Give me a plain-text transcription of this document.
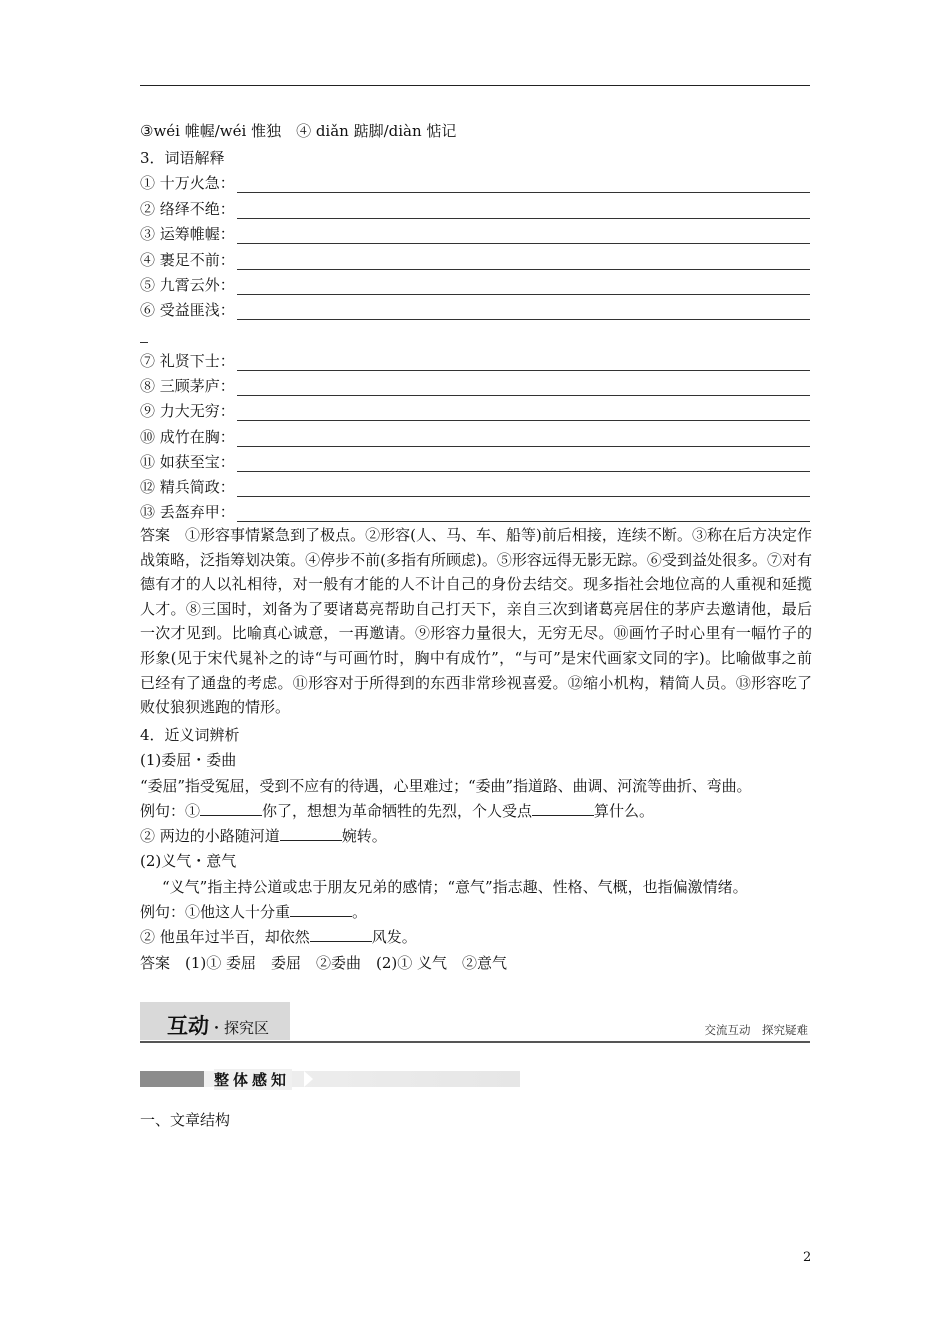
③wéi 帷幄/wéi 惟独　④ diǎn 踮脚/diàn 惦记
3．词语解释
① 十万火急：
② 络绎不绝：
③ 运筹帷幄：
④ 裹足不前：
⑤ 九霄云外：
⑥ 受益匪浅：
⑦ 礼贤下士：
⑧ 三顾茅庐：
⑨ 力大无穷：
⑩ 成竹在胸：
⑪ 如获至宝：
⑫ 精兵简政：
⑬ 丢盔弃甲：
答案　①形容事情紧急到了极点。②形容(人、马、车、船等)前后相接，连续不断。③称在后方决定作战策略，泛指筹划决策。④停步不前(多指有所顾虑)。⑤形容远得无影无踪。⑥受到益处很多。⑦对有德有才的人以礼相待，对一般有才能的人不计自己的身份去结交。现多指社会地位高的人重视和延揽人才。⑧三国时，刘备为了要诸葛亮帮助自己打天下，亲自三次到诸葛亮居住的茅庐去邀请他，最后一次才见到。比喻真心诚意，一再邀请。⑨形容力量很大，无穷无尽。⑩画竹子时心里有一幅竹子的形象(见于宋代晁补之的诗“与可画竹时，胸中有成竹”，“与可”是宋代画家文同的字)。比喻做事之前已经有了通盘的考虑。⑪形容对于所得到的东西非常珍视喜爱。⑫缩小机构，精简人员。⑬形容吃了败仗狼狈逃跑的情形。
4．近义词辨析
(1)委屈・委曲
“委屈”指受冤屈，受到不应有的待遇，心里难过；“委曲”指道路、曲调、河流等曲折、弯曲。
例句：①	你了，想想为革命牺牲的先烈，个人受点	算什么。
② 两边的小路随河道	婉转。
(2)义气・意气
“义气”指主持公道或忠于朋友兄弟的感情；“意气”指志趣、性格、气概，也指偏激情绪。
例句：①他这人十分重	。
② 他虽年过半百，却依然	风发。
答案　(1)① 委屈　委屈　②委曲　(2)① 义气　②意气
互动・探究区	交流互动　探究疑难
整体感知
一、文章结构
2
